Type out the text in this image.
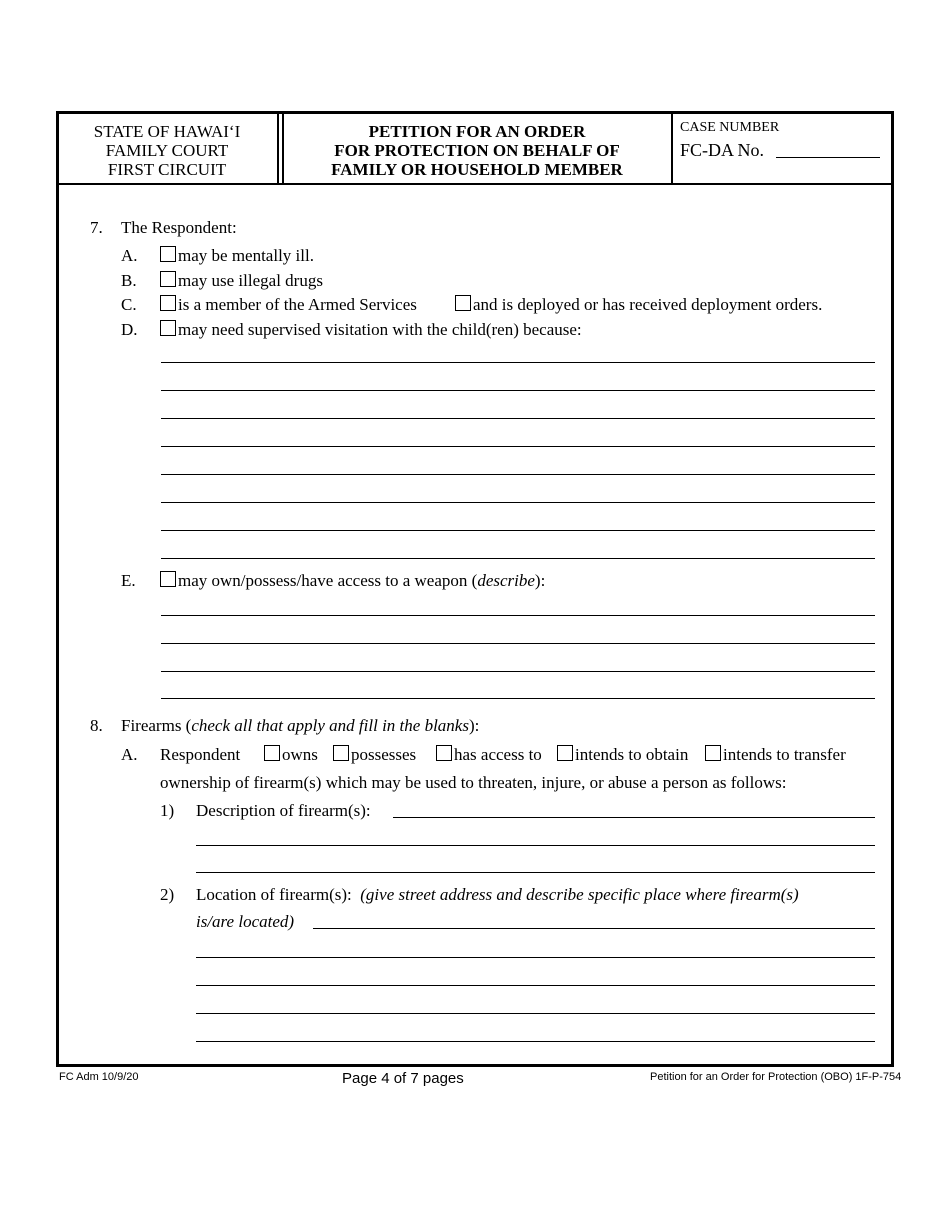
STATE OF HAWAI‘I
FAMILY COURT
FIRST CIRCUIT
PETITION FOR AN ORDER
FOR PROTECTION ON BEHALF OF
FAMILY OR HOUSEHOLD MEMBER
CASE NUMBER
FC-DA No.
7. The Respondent:
A.	may be mentally ill.
B.	may use illegal drugs
C.	is a member of the Armed Services	and is deployed or has received deployment orders.
D.	may need supervised visitation with the child(ren) because:
E.	may own/possess/have access to a weapon (describe):
8. Firearms (check all that apply and fill in the blanks):
A. Respondent	owns	possesses	has access to	intends to obtain	intends to transfer
ownership of firearm(s) which may be used to threaten, injure, or abuse a person as follows:
1) Description of firearm(s):
2) Location of firearm(s): (give street address and describe specific place where firearm(s)
is/are located)
FC Adm 10/9/20	Page 4 of 7 pages	Petition for an Order for Protection (OBO) 1F-P-754
